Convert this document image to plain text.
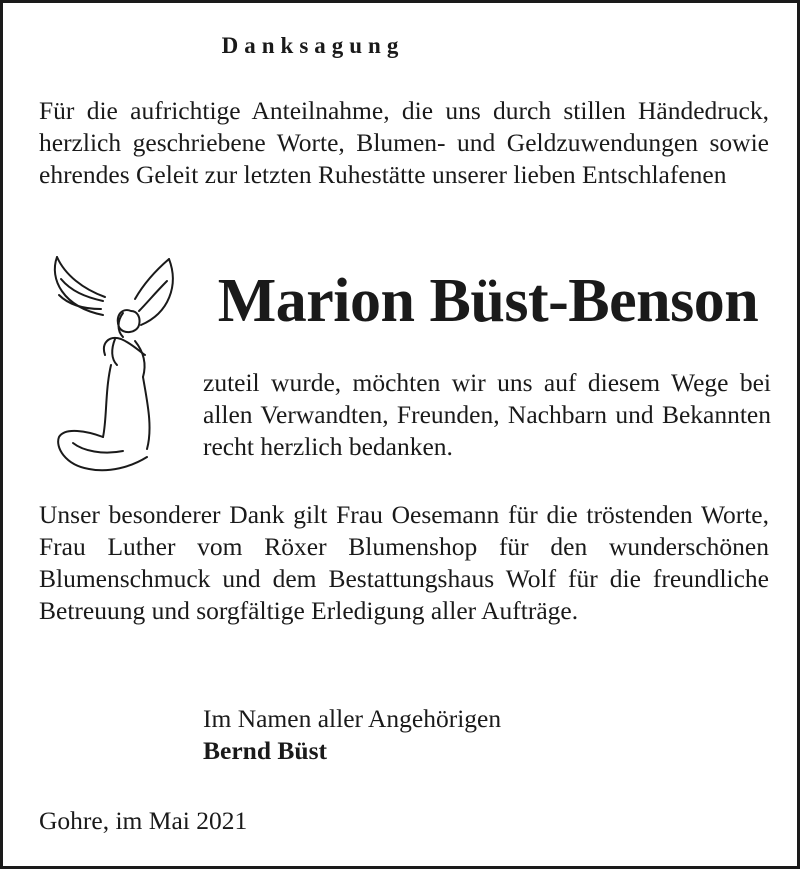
Danksagung

Für die aufrichtige Anteilnahme, die uns durch stillen Händedruck, herzlich geschriebene Worte, Blumen- und Geldzuwendungen sowie ehrendes Geleit zur letzten Ruhestätte unserer lieben Entschlafenen

Marion Büst-Benson

zuteil wurde, möchten wir uns auf diesem Wege bei allen Verwandten, Freunden, Nachbarn und Bekannten recht herzlich bedanken.

Unser besonderer Dank gilt Frau Oesemann für die tröstenden Worte, Frau Luther vom Röxer Blumenshop für den wunderschönen Blumenschmuck und dem Bestattungshaus Wolf für die freundliche Betreuung und sorgfältige Erledigung aller Aufträge.

Im Namen aller Angehörigen
Bernd Büst
Gohre, im Mai 2021
